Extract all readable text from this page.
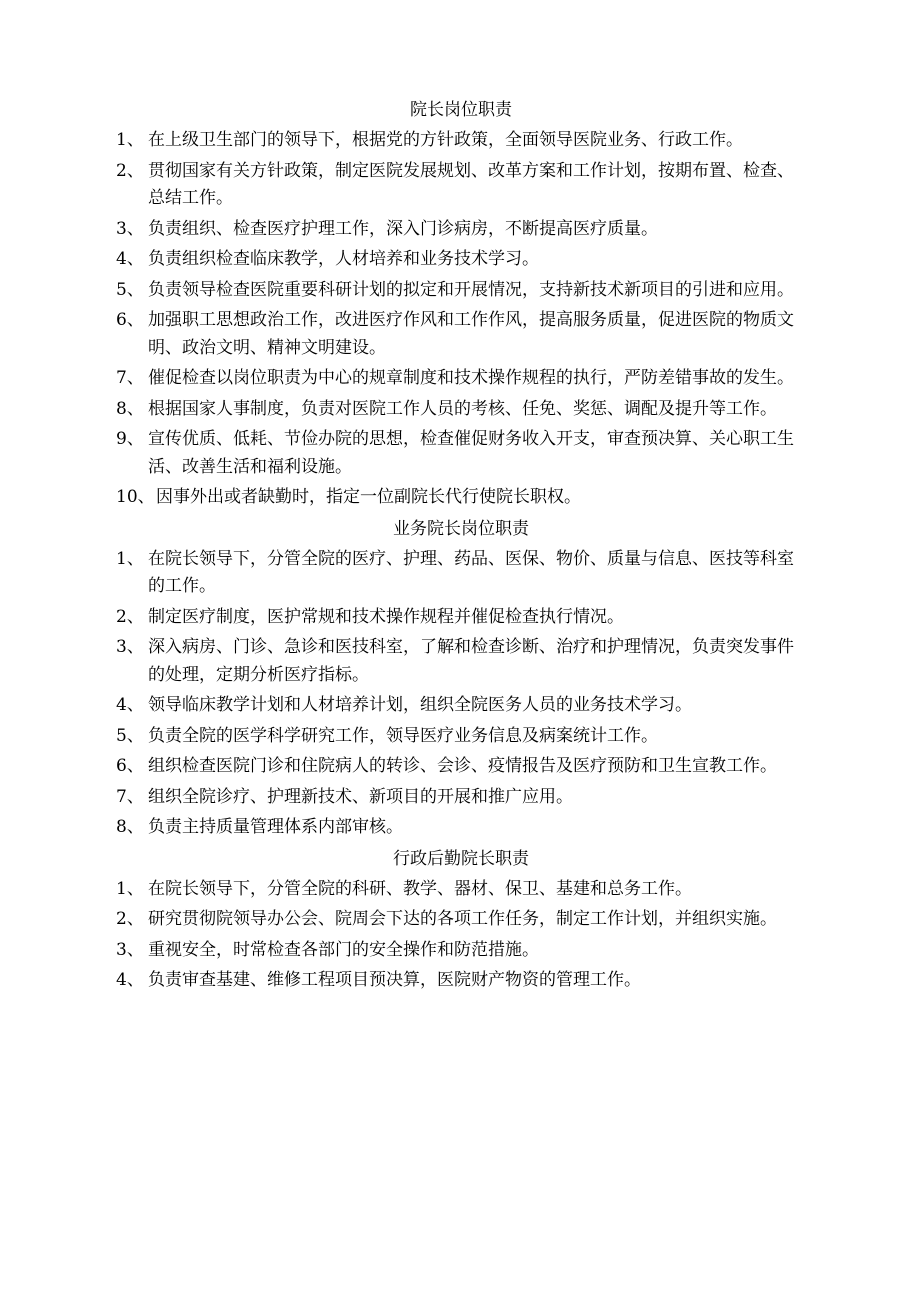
院长岗位职责
1、 在上级卫生部门的领导下，根据党的方针政策，全面领导医院业务、行政工作。
2、 贯彻国家有关方针政策，制定医院发展规划、改革方案和工作计划，按期布置、检查、总结工作。
3、 负责组织、检查医疗护理工作，深入门诊病房，不断提高医疗质量。
4、 负责组织检查临床教学，人材培养和业务技术学习。
5、 负责领导检查医院重要科研计划的拟定和开展情况，支持新技术新项目的引进和应用。
6、 加强职工思想政治工作，改进医疗作风和工作作风，提高服务质量，促进医院的物质文明、政治文明、精神文明建设。
7、 催促检查以岗位职责为中心的规章制度和技术操作规程的执行，严防差错事故的发生。
8、 根据国家人事制度，负责对医院工作人员的考核、任免、奖惩、调配及提升等工作。
9、 宣传优质、低耗、节俭办院的思想，检查催促财务收入开支，审查预决算、关心职工生活、改善生活和福利设施。
10、 因事外出或者缺勤时，指定一位副院长代行使院长职权。
业务院长岗位职责
1、 在院长领导下，分管全院的医疗、护理、药品、医保、物价、质量与信息、医技等科室的工作。
2、 制定医疗制度，医护常规和技术操作规程并催促检查执行情况。
3、 深入病房、门诊、急诊和医技科室，了解和检查诊断、治疗和护理情况，负责突发事件的处理，定期分析医疗指标。
4、 领导临床教学计划和人材培养计划，组织全院医务人员的业务技术学习。
5、 负责全院的医学科学研究工作，领导医疗业务信息及病案统计工作。
6、 组织检查医院门诊和住院病人的转诊、会诊、疫情报告及医疗预防和卫生宣教工作。
7、 组织全院诊疗、护理新技术、新项目的开展和推广应用。
8、 负责主持质量管理体系内部审核。
行政后勤院长职责
1、 在院长领导下，分管全院的科研、教学、器材、保卫、基建和总务工作。
2、 研究贯彻院领导办公会、院周会下达的各项工作任务，制定工作计划，并组织实施。
3、 重视安全，时常检查各部门的安全操作和防范措施。
4、 负责审查基建、维修工程项目预决算，医院财产物资的管理工作。
